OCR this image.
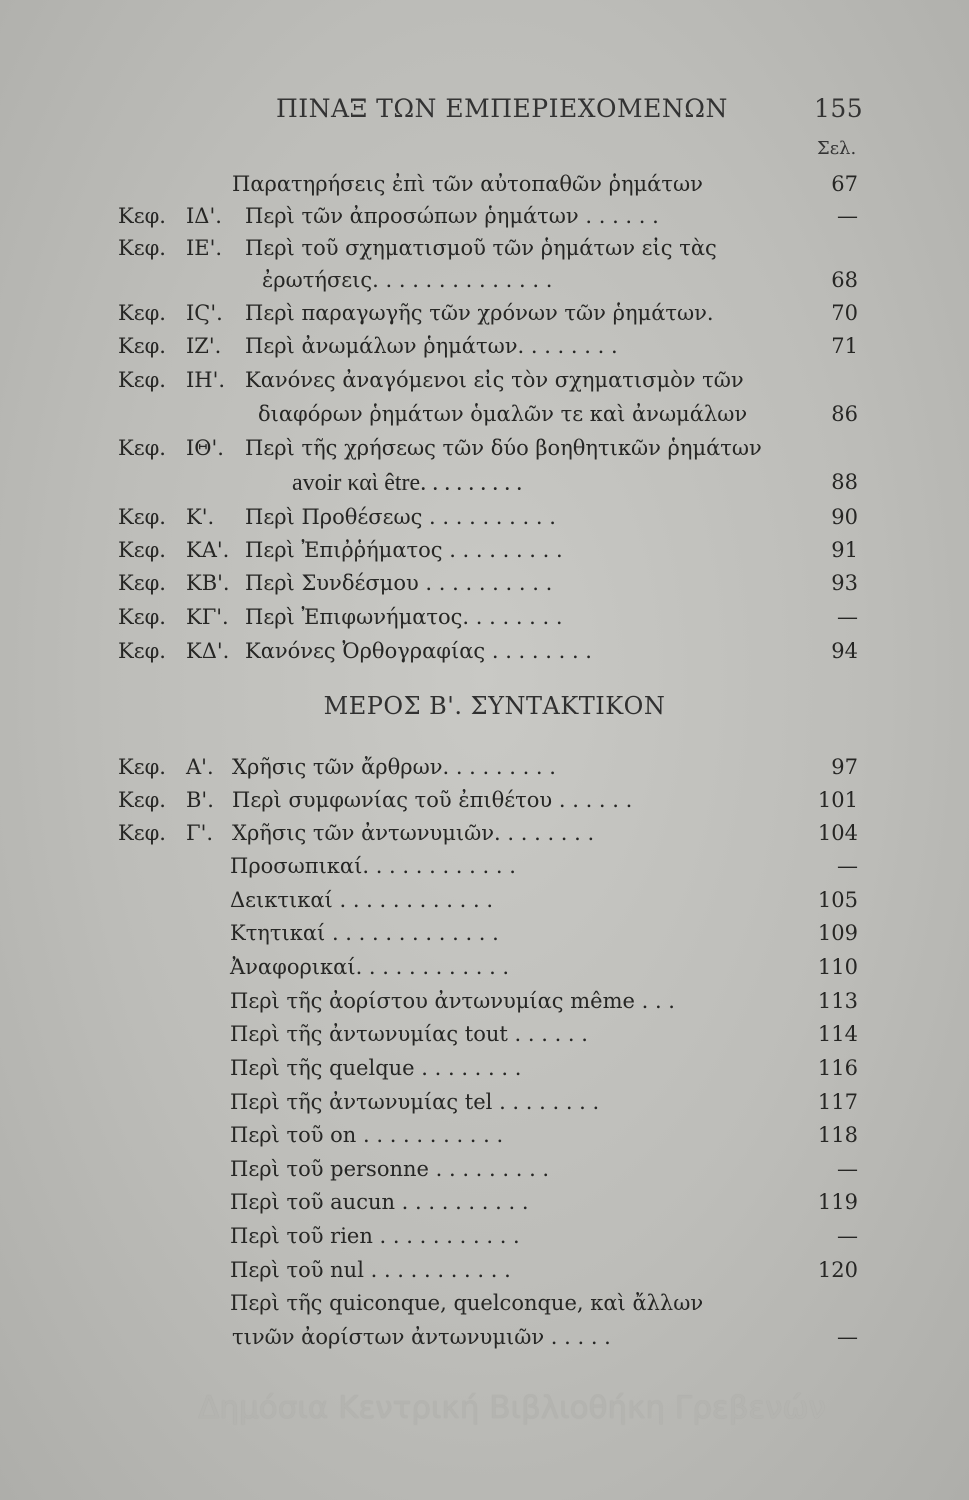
ΠΙΝΑΞ ΤΩΝ ΕΜΠΕΡΙΕΧΟΜΕΝΩΝ	155
Σελ.
Παρατηρήσεις ἐπὶ τῶν αὐτοπαθῶν ῥημάτων	67
Κεφ. ΙΔ'. Περὶ τῶν ἀπροσώπων ῥημάτων . . . . . .	—
Κεφ. ΙΕ'. Περὶ τοῦ σχηματισμοῦ τῶν ῥημάτων εἰς τὰς
ἐρωτήσεις. . . . . . . . . . . . . .	68
Κεφ. ΙϚ'. Περὶ παραγωγῆς τῶν χρόνων τῶν ῥημάτων.	70
Κεφ. ΙΖ'. Περὶ ἀνωμάλων ῥημάτων. . . . . . . .	71
Κεφ. ΙΗ'. Κανόνες ἀναγόμενοι εἰς τὸν σχηματισμὸν τῶν
διαφόρων ῥημάτων ὁμαλῶν τε καὶ ἀνωμάλων	86
Κεφ. ΙΘ'. Περὶ τῆς χρήσεως τῶν δύο βοηθητικῶν ῥημάτων
avoir καὶ être. . . . . . . . .	88
Κεφ. Κ'. Περὶ Προθέσεως . . . . . . . . . .	90
Κεφ. ΚΑ'. Περὶ Ἐπιῤῥήματος . . . . . . . . .	91
Κεφ. ΚΒ'. Περὶ Συνδέσμου . . . . . . . . . .	93
Κεφ. ΚΓ'. Περὶ Ἐπιφωνήματος. . . . . . . .	—
Κεφ. ΚΔ'. Κανόνες Ὀρθογραφίας . . . . . . . .	94
ΜΕΡΟΣ Β'. ΣΥΝΤΑΚΤΙΚΟΝ
Κεφ. Α'. Χρῆσις τῶν ἄρθρων. . . . . . . . .	97
Κεφ. Β'. Περὶ συμφωνίας τοῦ ἐπιθέτου . . . . . .	101
Κεφ. Γ'. Χρῆσις τῶν ἀντωνυμιῶν. . . . . . . .	104
Προσωπικαί. . . . . . . . . . . .	—
Δεικτικαί . . . . . . . . . . . .	105
Κτητικαί . . . . . . . . . . . . .	109
Ἀναφορικαί. . . . . . . . . . . .	110
Περὶ τῆς ἀορίστου ἀντωνυμίας même . . .	113
Περὶ τῆς ἀντωνυμίας tout . . . . . .	114
Περὶ τῆς quelque . . . . . . . .	116
Περὶ τῆς ἀντωνυμίας tel . . . . . . . .	117
Περὶ τοῦ on . . . . . . . . . . .	118
Περὶ τοῦ personne . . . . . . . . .	—
Περὶ τοῦ aucun . . . . . . . . . .	119
Περὶ τοῦ rien . . . . . . . . . . .	—
Περὶ τοῦ nul . . . . . . . . . . .	120
Περὶ τῆς quiconque, quelconque, καὶ ἄλλων
τινῶν ἀορίστων ἀντωνυμιῶν . . . . .	—
Δημόσια Κεντρική Βιβλιοθήκη Γρεβενών
